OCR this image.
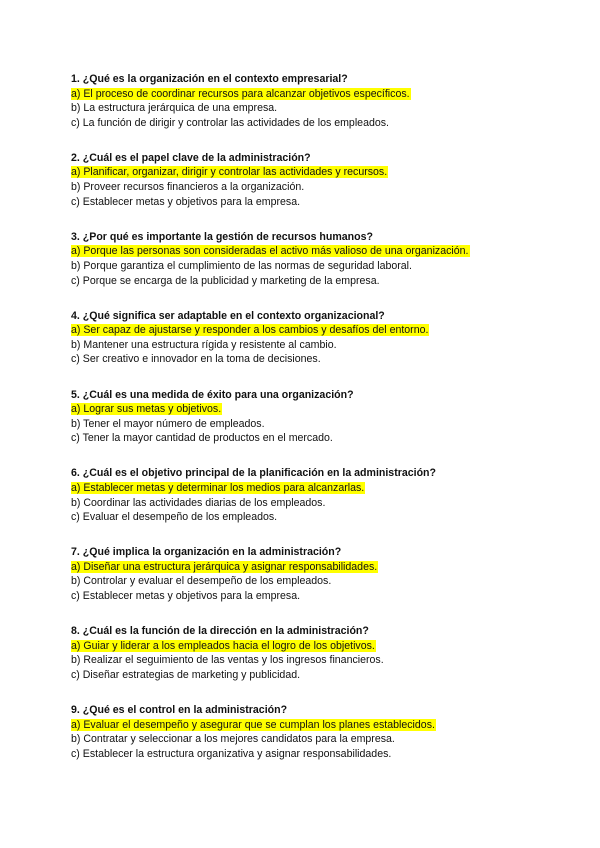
1. ¿Qué es la organización en el contexto empresarial?
a) El proceso de coordinar recursos para alcanzar objetivos específicos.
b) La estructura jerárquica de una empresa.
c) La función de dirigir y controlar las actividades de los empleados.
2. ¿Cuál es el papel clave de la administración?
a) Planificar, organizar, dirigir y controlar las actividades y recursos.
b) Proveer recursos financieros a la organización.
c) Establecer metas y objetivos para la empresa.
3. ¿Por qué es importante la gestión de recursos humanos?
a) Porque las personas son consideradas el activo más valioso de una organización.
b) Porque garantiza el cumplimiento de las normas de seguridad laboral.
c) Porque se encarga de la publicidad y marketing de la empresa.
4. ¿Qué significa ser adaptable en el contexto organizacional?
a) Ser capaz de ajustarse y responder a los cambios y desafíos del entorno.
b) Mantener una estructura rígida y resistente al cambio.
c) Ser creativo e innovador en la toma de decisiones.
5. ¿Cuál es una medida de éxito para una organización?
a) Lograr sus metas y objetivos.
b) Tener el mayor número de empleados.
c) Tener la mayor cantidad de productos en el mercado.
6. ¿Cuál es el objetivo principal de la planificación en la administración?
a) Establecer metas y determinar los medios para alcanzarlas.
b) Coordinar las actividades diarias de los empleados.
c) Evaluar el desempeño de los empleados.
7. ¿Qué implica la organización en la administración?
a) Diseñar una estructura jerárquica y asignar responsabilidades.
b) Controlar y evaluar el desempeño de los empleados.
c) Establecer metas y objetivos para la empresa.
8. ¿Cuál es la función de la dirección en la administración?
a) Guiar y liderar a los empleados hacia el logro de los objetivos.
b) Realizar el seguimiento de las ventas y los ingresos financieros.
c) Diseñar estrategias de marketing y publicidad.
9. ¿Qué es el control en la administración?
a) Evaluar el desempeño y asegurar que se cumplan los planes establecidos.
b) Contratar y seleccionar a los mejores candidatos para la empresa.
c) Establecer la estructura organizativa y asignar responsabilidades.
